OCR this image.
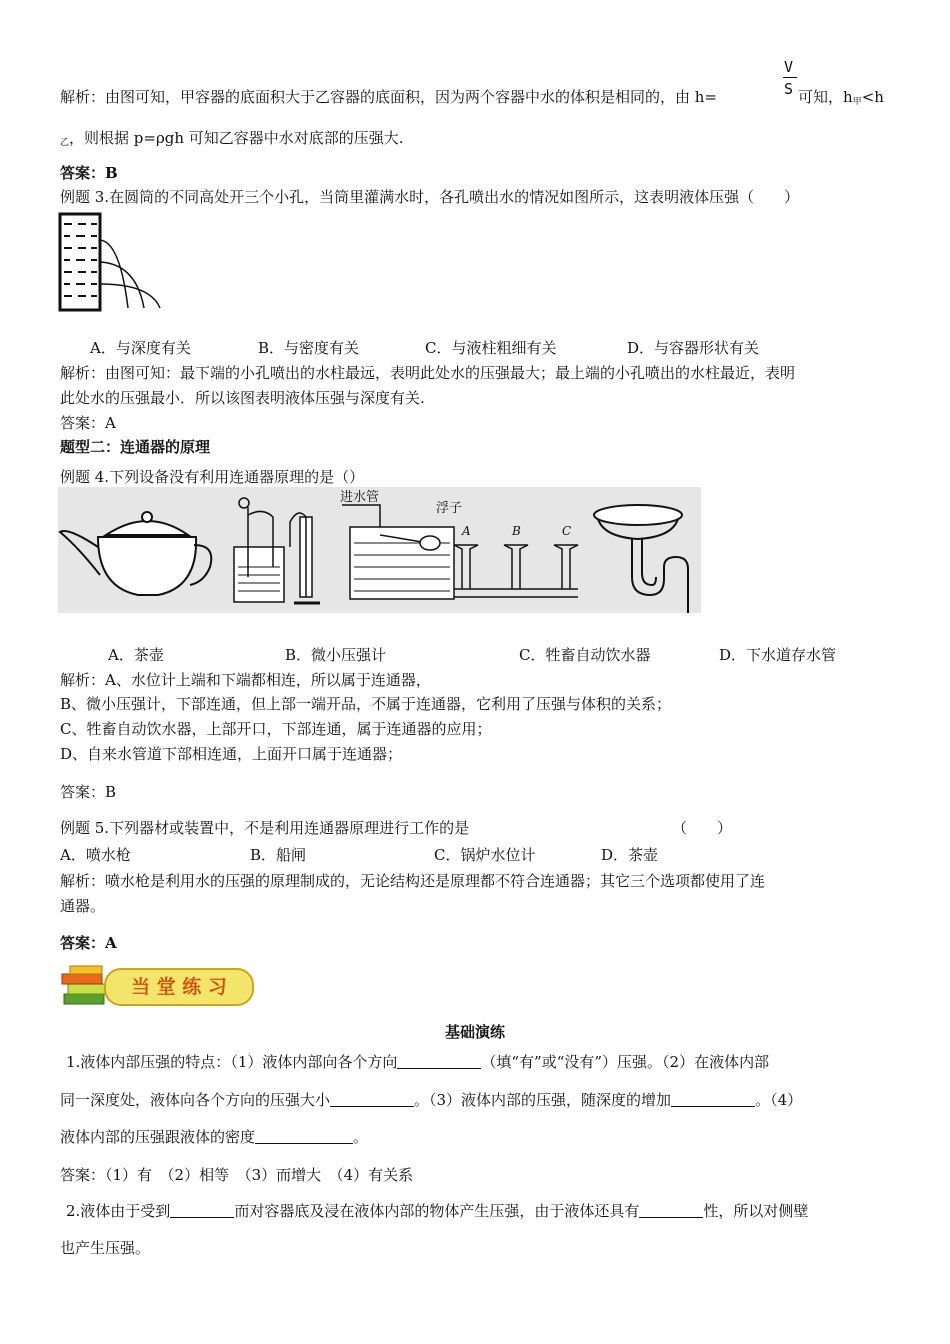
解析：由图可知，甲容器的底面积大于乙容器的底面积，因为两个容器中水的体积是相同的，由 h=
V
S 可知，$h_甲<h$
$_乙$，则根据 p=ρgh 可知乙容器中水对底部的压强大.
答案：B
例题 3.在圆筒的不同高处开三个小孔，当筒里灌满水时，各孔喷出水的情况如图所示，这表明液体压强（　　）
A．与深度有关	B．与密度有关	C．与液柱粗细有关	D．与容器形状有关
解析：由图可知：最下端的小孔喷出的水柱最远，表明此处水的压强最大；最上端的小孔喷出的水柱最近，表明
此处水的压强最小．所以该图表明液体压强与深度有关.
答案：A
题型二：连通器的原理
例题 4.下列设备没有利用连通器原理的是（）
进水管
浮子
A	B	C
A．茶壶	B．微小压强计	C．牲畜自动饮水器	D．下水道存水管
解析：A、水位计上端和下端都相连，所以属于连通器，
B、微小压强计，下部连通，但上部一端开品，不属于连通器，它利用了压强与体积的关系；
C、牲畜自动饮水器，上部开口，下部连通，属于连通器的应用；
D、自来水管道下部相连通，上面开口属于连通器；
答案：B
例题 5.下列器材或装置中，不是利用连通器原理进行工作的是	（　　）
A．喷水枪	B．船闸	C．锅炉水位计	D．茶壶
解析：喷水枪是利用水的压强的原理制成的，无论结构还是原理都不符合连通器；其它三个选项都使用了连
通器。
答案：A
当 堂 练 习
基础演练
1.液体内部压强的特点：（1）液体内部向各个方向	（填“有”或“没有”）压强。（2）在液体内部
同一深度处，液体向各个方向的压强大小	。（3）液体内部的压强，随深度的增加	。（4）
液体内部的压强跟液体的密度	。
答案：（1）有　（2）相等　（3）而增大　（4）有关系
2.液体由于受到	而对容器底及浸在液体内部的物体产生压强，由于液体还具有	性，所以对侧壁
也产生压强。
